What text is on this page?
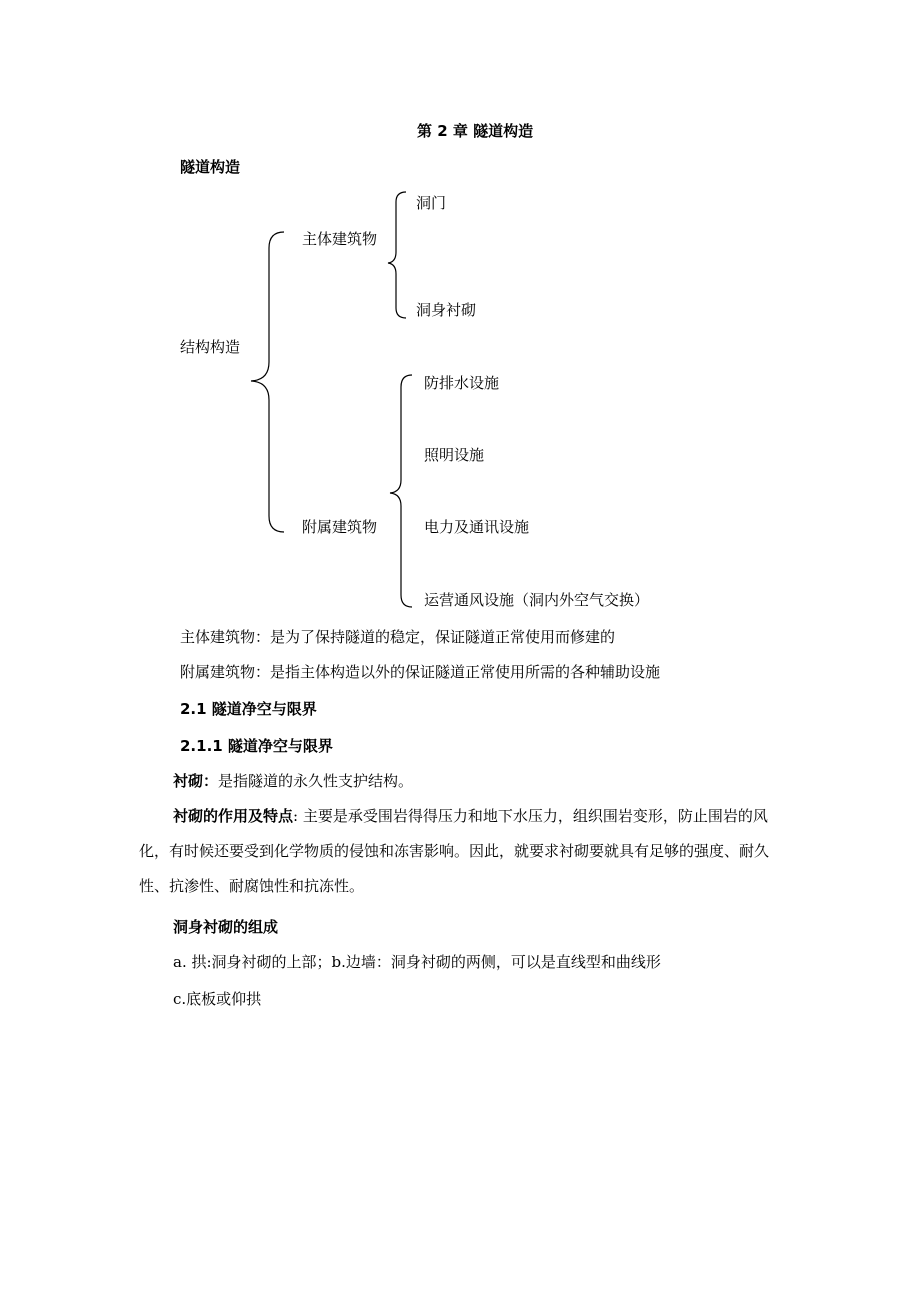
第 2 章 隧道构造
隧道构造
结构构造
主体建筑物
附属建筑物
洞门
洞身衬砌
防排水设施
照明设施
电力及通讯设施
运营通风设施（洞内外空气交换）
主体建筑物：是为了保持隧道的稳定，保证隧道正常使用而修建的
附属建筑物：是指主体构造以外的保证隧道正常使用所需的各种辅助设施
2.1 隧道净空与限界
2.1.1 隧道净空与限界
衬砌：是指隧道的永久性支护结构。
衬砌的作用及特点: 主要是承受围岩得得压力和地下水压力，组织围岩变形，防止围岩的风化，有时候还要受到化学物质的侵蚀和冻害影响。因此，就要求衬砌要就具有足够的强度、耐久性、抗渗性、耐腐蚀性和抗冻性。
洞身衬砌的组成
a. 拱:洞身衬砌的上部；b.边墙：洞身衬砌的两侧，可以是直线型和曲线形
c.底板或仰拱
